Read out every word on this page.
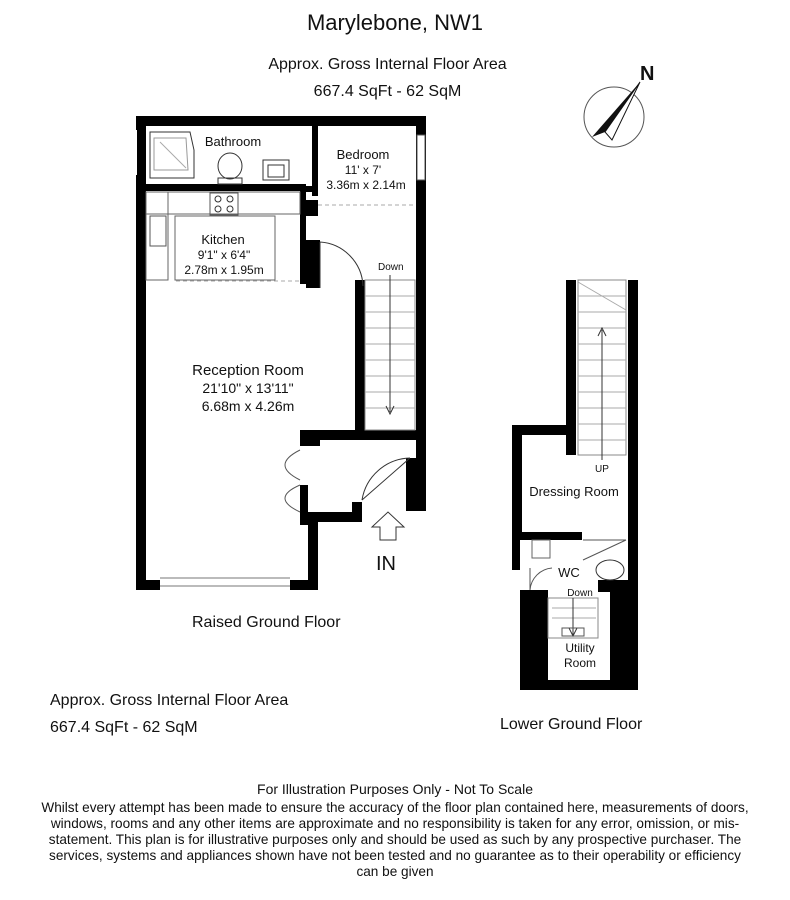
Marylebone, NW1
Approx. Gross Internal Floor Area
667.4 SqFt - 62 SqM
N
Bathroom
Bedroom
11' x 7'
3.36m x 2.14m
Kitchen
9'1" x 6'4"
2.78m x 1.95m
Reception Room
21'10" x 13'11"
6.68m x 4.26m
Down
IN
UP
Dressing Room
WC
Down
Utility
Room
Raised Ground Floor
Lower Ground Floor
Approx. Gross Internal Floor Area
667.4 SqFt - 62 SqM
For Illustration Purposes Only - Not To Scale
Whilst every attempt has been made to ensure the accuracy of the floor plan contained here, measurements of doors, windows, rooms and any other items are approximate and no responsibility is taken for any error, omission, or mis-statement. This plan is for illustrative purposes only and should be used as such by any prospective purchaser. The services, systems and appliances shown have not been tested and no guarantee as to their operability or efficiency can be given
